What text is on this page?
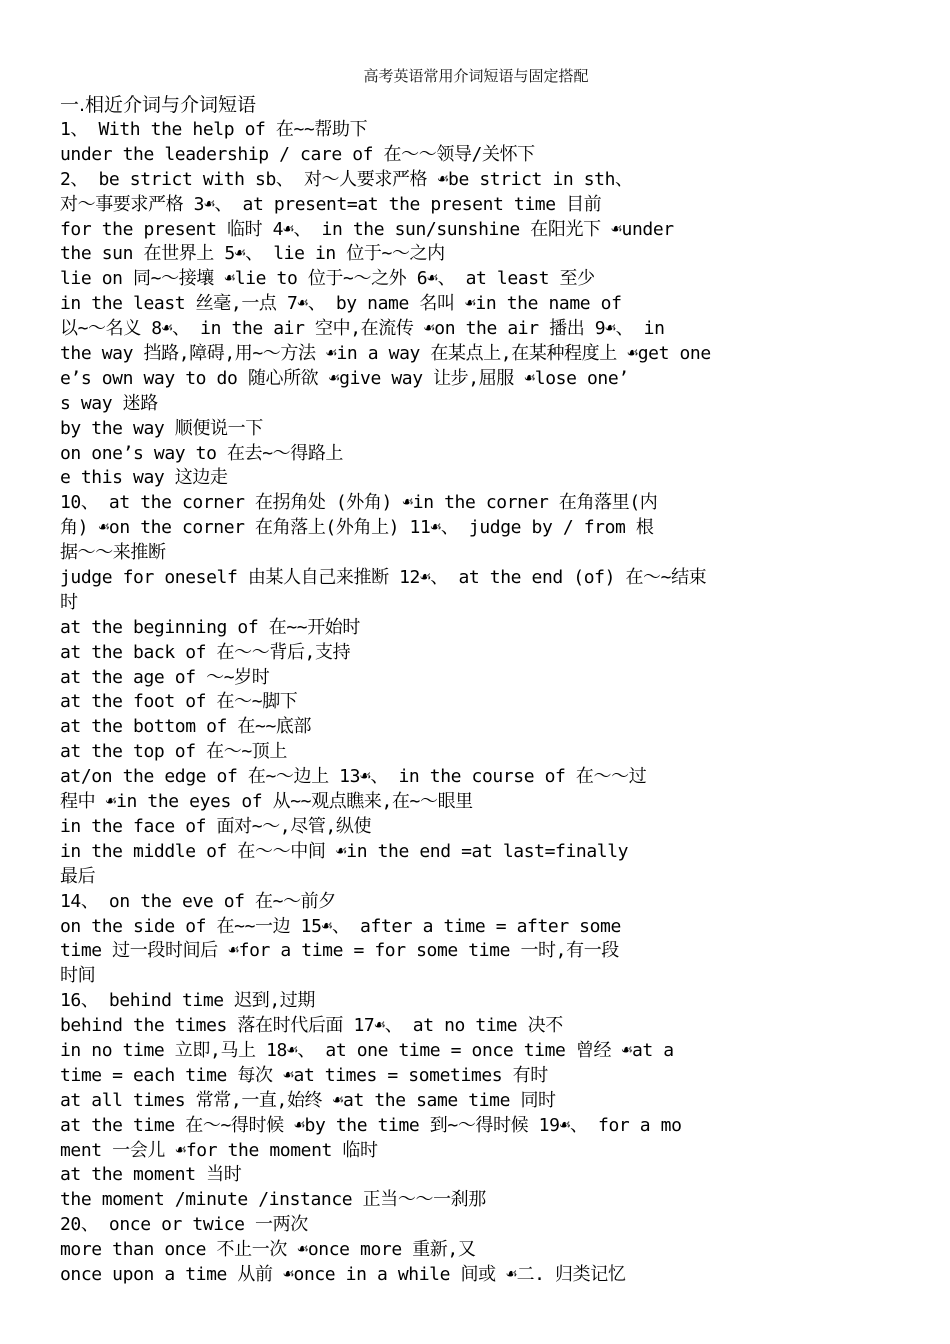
高考英语常用介词短语与固定搭配
一.相近介词与介词短语
1、 With the help of 在~~帮助下
under the leadership / care of 在～～领导/关怀下
2、 be strict with sb、 对～人要求严格 ☙be strict in sth、
对～事要求严格 3☙、 at present=at the present time 目前
for the present 临时 4☙、 in the sun/sunshine 在阳光下 ☙under
the sun 在世界上 5☙、 lie in 位于~～之内
lie on 同~～接壤 ☙lie to 位于~～之外 6☙、 at least 至少
in the least 丝毫,一点 7☙、 by name 名叫 ☙in the name of
以~～名义 8☙、 in the air 空中,在流传 ☙on the air 播出 9☙、 in
the way 挡路,障碍,用~～方法 ☙in a way 在某点上,在某种程度上 ☙get one
e’s own way to do 随心所欲 ☙give way 让步,屈服 ☙lose one’
s way 迷路
by the way 顺便说一下
on one’s way to 在去~～得路上
e this way 这边走
10、 at the corner 在拐角处 (外角) ☙in the corner 在角落里(内
角) ☙on the corner 在角落上(外角上) 11☙、 judge by / from 根
据～～来推断
judge for oneself 由某人自己来推断 12☙、 at the end (of) 在～~结束
时
at the beginning of 在~~开始时
at the back of 在～～背后,支持
at the age of ～~岁时
at the foot of 在～~脚下
at the bottom of 在~~底部
at the top of 在～~顶上
at/on the edge of 在~～边上 13☙、 in the course of 在～～过
程中 ☙in the eyes of 从~~观点瞧来,在~～眼里
in the face of 面对~～,尽管,纵使
in the middle of 在～～中间 ☙in the end =at last=finally
最后
14、 on the eve of 在~～前夕
on the side of 在~~一边 15☙、 after a time = after some
time 过一段时间后 ☙for a time = for some time 一时,有一段
时间
16、 behind time 迟到,过期
behind the times 落在时代后面 17☙、 at no time 决不
in no time 立即,马上 18☙、 at one time = once time 曾经 ☙at a
time = each time 每次 ☙at times = sometimes 有时
at all times 常常,一直,始终 ☙at the same time 同时
at the time 在～~得时候 ☙by the time 到~～得时候 19☙、 for a mo
ment 一会儿 ☙for the moment 临时
at the moment 当时
the moment /minute /instance 正当～～一刹那
20、 once or twice 一两次
more than once 不止一次 ☙once more 重新,又
once upon a time 从前 ☙once in a while 间或 ☙二. 归类记忆
